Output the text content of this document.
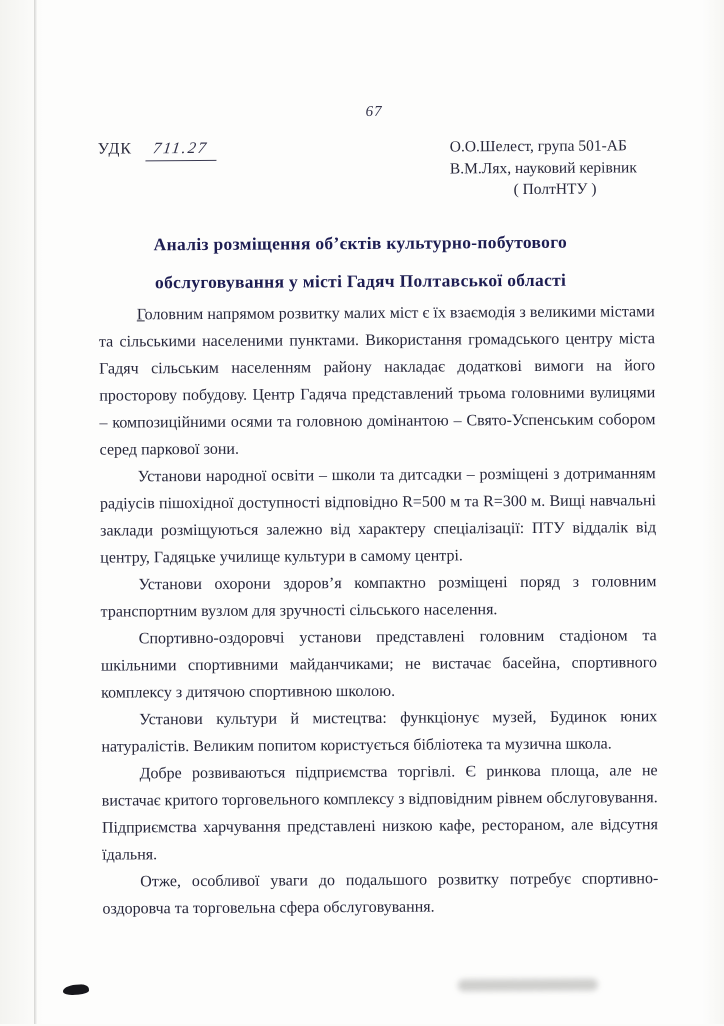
67
УДК 711.27	О.О.Шелест, група 501-АБ
В.М.Лях, науковий керівник
( ПолтНТУ )
Аналіз розміщення об’єктів культурно-побутового
обслуговування у місті Гадяч Полтавської області

Головним напрямом розвитку малих міст є їх взаємодія з великими містами та сільськими населеними пунктами. Використання громадського центру міста Гадяч сільським населенням району накладає додаткові вимоги на його просторову побудову. Центр Гадяча представлений трьома головними вулицями – композиційними осями та головною домінантою – Свято-Успенським собором серед паркової зони.

Установи народної освіти – школи та дитсадки – розміщені з дотриманням радіусів пішохідної доступності відповідно R=500 м та R=300 м. Вищі навчальні заклади розміщуються залежно від характеру спеціалізації: ПТУ віддалік від центру, Гадяцьке училище культури в самому центрі.

Установи охорони здоров’я компактно розміщені поряд з головним транспортним вузлом для зручності сільського населення.

Спортивно-оздоровчі установи представлені головним стадіоном та шкільними спортивними майданчиками; не вистачає басейна, спортивного комплексу з дитячою спортивною школою.

Установи культури й мистецтва: функціонує музей, Будинок юних натуралістів. Великим попитом користується бібліотека та музична школа.

Добре розвиваються підприємства торгівлі. Є ринкова площа, але не вистачає критого торговельного комплексу з відповідним рівнем обслуговування. Підприємства харчування представлені низкою кафе, рестораном, але відсутня їдальня.

Отже, особливої уваги до подальшого розвитку потребує спортивно-оздоровча та торговельна сфера обслуговування.
